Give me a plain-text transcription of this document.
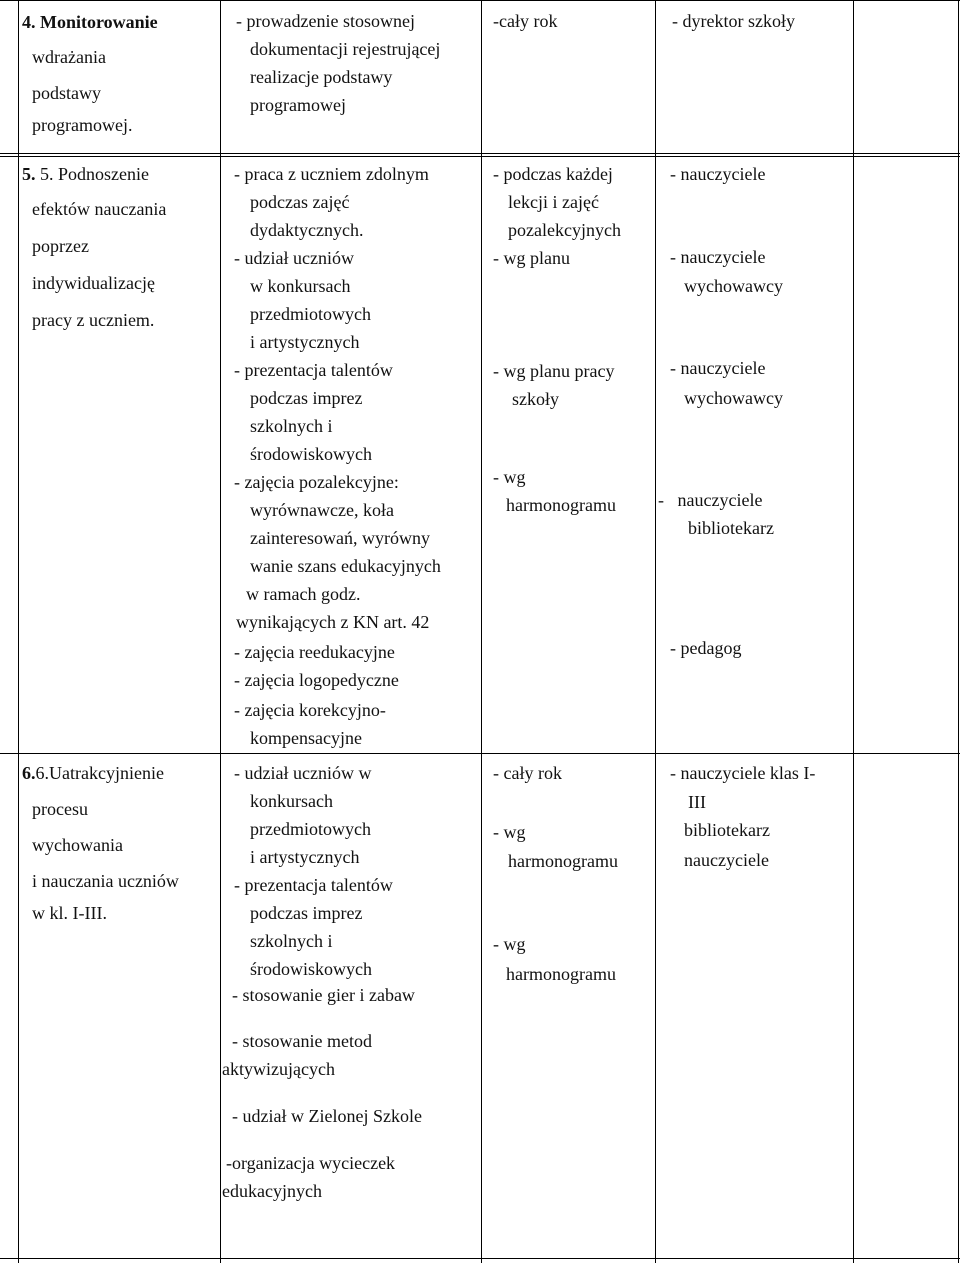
4. Monitorowanie
wdrażania
podstawy
programowej.
- prowadzenie stosownej
dokumentacji rejestrującej
realizacje podstawy
programowej
-cały rok	- dyrektor szkoły
5. 5. Podnoszenie
efektów nauczania
poprzez
indywidualizację
pracy z uczniem.
- praca z uczniem zdolnym
podczas zajęć
dydaktycznych.
- udział uczniów
w konkursach
przedmiotowych
i artystycznych
- prezentacja talentów
podczas imprez
szkolnych i
środowiskowych
- zajęcia pozalekcyjne:
wyrównawcze, koła
zainteresowań, wyrówny
wanie szans edukacyjnych
w ramach godz.
wynikających z KN art. 42
- zajęcia reedukacyjne
- zajęcia logopedyczne
- zajęcia korekcyjno-
kompensacyjne
- podczas każdej
lekcji i zajęć
pozalekcyjnych
- wg planu
- wg planu pracy
szkoły
- wg
harmonogramu
- nauczyciele
- nauczyciele
wychowawcy
- nauczyciele
wychowawcy
-   nauczyciele
bibliotekarz
- pedagog
6.6.Uatrakcyjnienie
procesu
wychowania
i nauczania uczniów
w kl. I-III.
- udział uczniów w
konkursach
przedmiotowych
i artystycznych
- prezentacja talentów
podczas imprez
szkolnych i
środowiskowych
- stosowanie gier i zabaw
- stosowanie metod
aktywizujących
- udział w Zielonej Szkole
-organizacja wycieczek
edukacyjnych
- cały rok
- wg
harmonogramu
- wg
harmonogramu
- nauczyciele klas I-
III
bibliotekarz
nauczyciele
